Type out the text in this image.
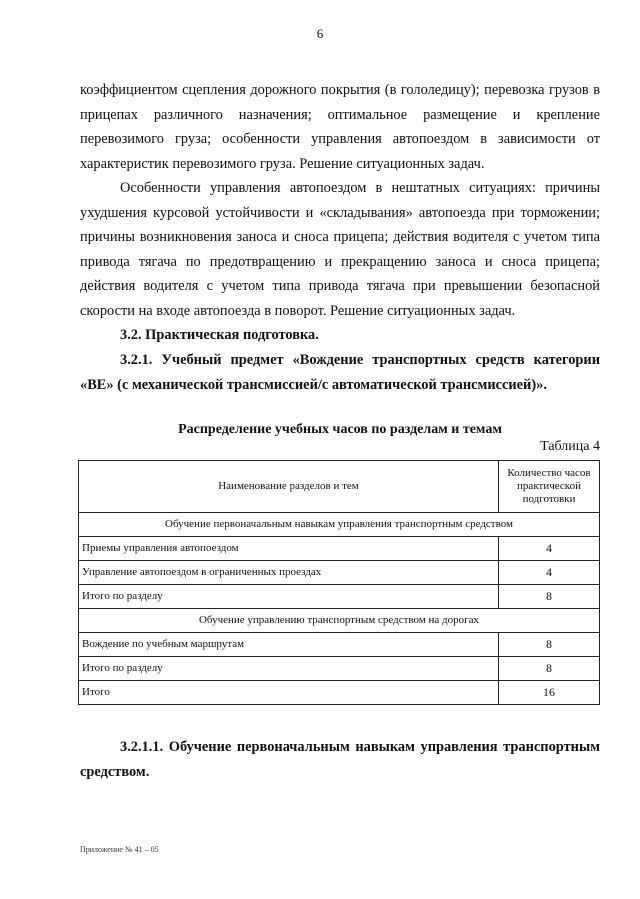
6

коэффициентом сцепления дорожного покрытия (в гололедицу); перевозка грузов в прицепах различного назначения; оптимальное размещение и крепление перевозимого груза; особенности управления автопоездом в зависимости от характеристик перевозимого груза. Решение ситуационных задач.

Особенности управления автопоездом в нештатных ситуациях: причины ухудшения курсовой устойчивости и «складывания» автопоезда при торможении; причины возникновения заноса и сноса прицепа; действия водителя с учетом типа привода тягача по предотвращению и прекращению заноса и сноса прицепа; действия водителя с учетом типа привода тягача при превышении безопасной скорости на входе автопоезда в поворот. Решение ситуационных задач.

3.2. Практическая подготовка.

3.2.1. Учебный предмет «Вождение транспортных средств категории «ВЕ» (с механической трансмиссией/с автоматической трансмиссией)».

Распределение учебных часов по разделам и темам
Таблица 4
Наименование разделов и тем	Количество часов практической подготовки
Обучение первоначальным навыкам управления транспортным средством	
Приемы управления автопоездом	4
Управление автопоездом в ограниченных проездах	4
Итого по разделу	8
Обучение управлению транспортным средством на дорогах	
Вождение по учебным маршрутам	8
Итого по разделу	8
Итого	16

3.2.1.1. Обучение первоначальным навыкам управления транспортным средством.

Приложение № 41 – 05
